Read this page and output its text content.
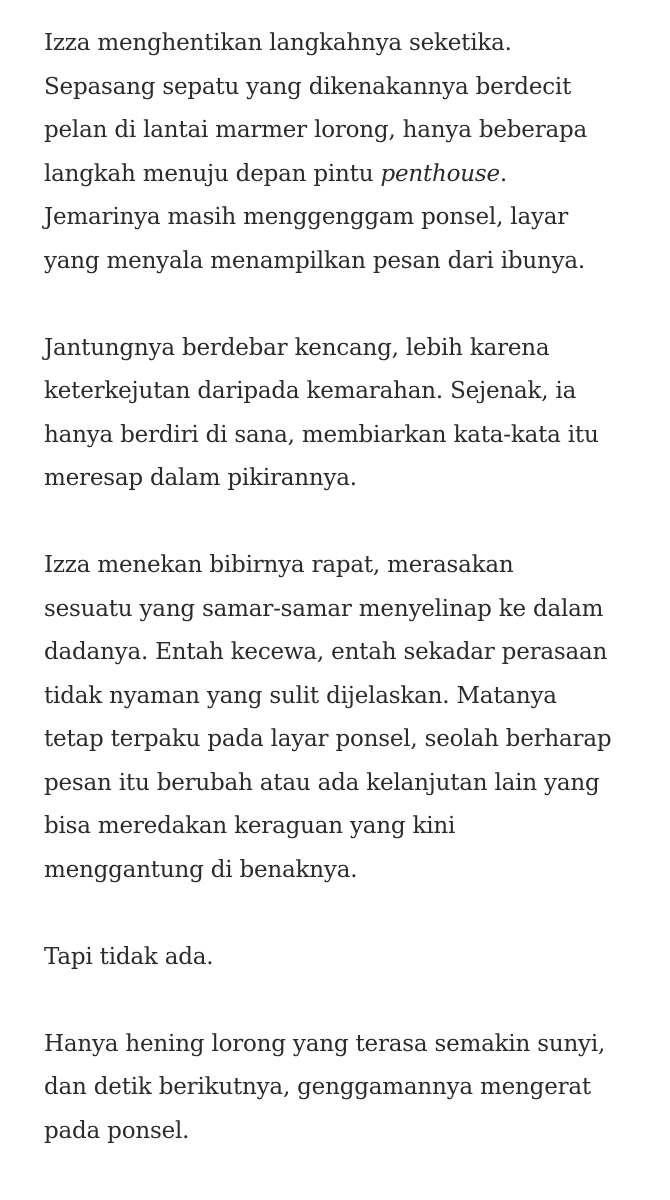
Izza menghentikan langkahnya seketika.
Sepasang sepatu yang dikenakannya berdecit
pelan di lantai marmer lorong, hanya beberapa
langkah menuju depan pintu penthouse.
Jemarinya masih menggenggam ponsel, layar
yang menyala menampilkan pesan dari ibunya.
Jantungnya berdebar kencang, lebih karena
keterkejutan daripada kemarahan. Sejenak, ia
hanya berdiri di sana, membiarkan kata-kata itu
meresap dalam pikirannya.
Izza menekan bibirnya rapat, merasakan
sesuatu yang samar-samar menyelinap ke dalam
dadanya. Entah kecewa, entah sekadar perasaan
tidak nyaman yang sulit dijelaskan. Matanya
tetap terpaku pada layar ponsel, seolah berharap
pesan itu berubah atau ada kelanjutan lain yang
bisa meredakan keraguan yang kini
menggantung di benaknya.
Tapi tidak ada.
Hanya hening lorong yang terasa semakin sunyi,
dan detik berikutnya, genggamannya mengerat
pada ponsel.
